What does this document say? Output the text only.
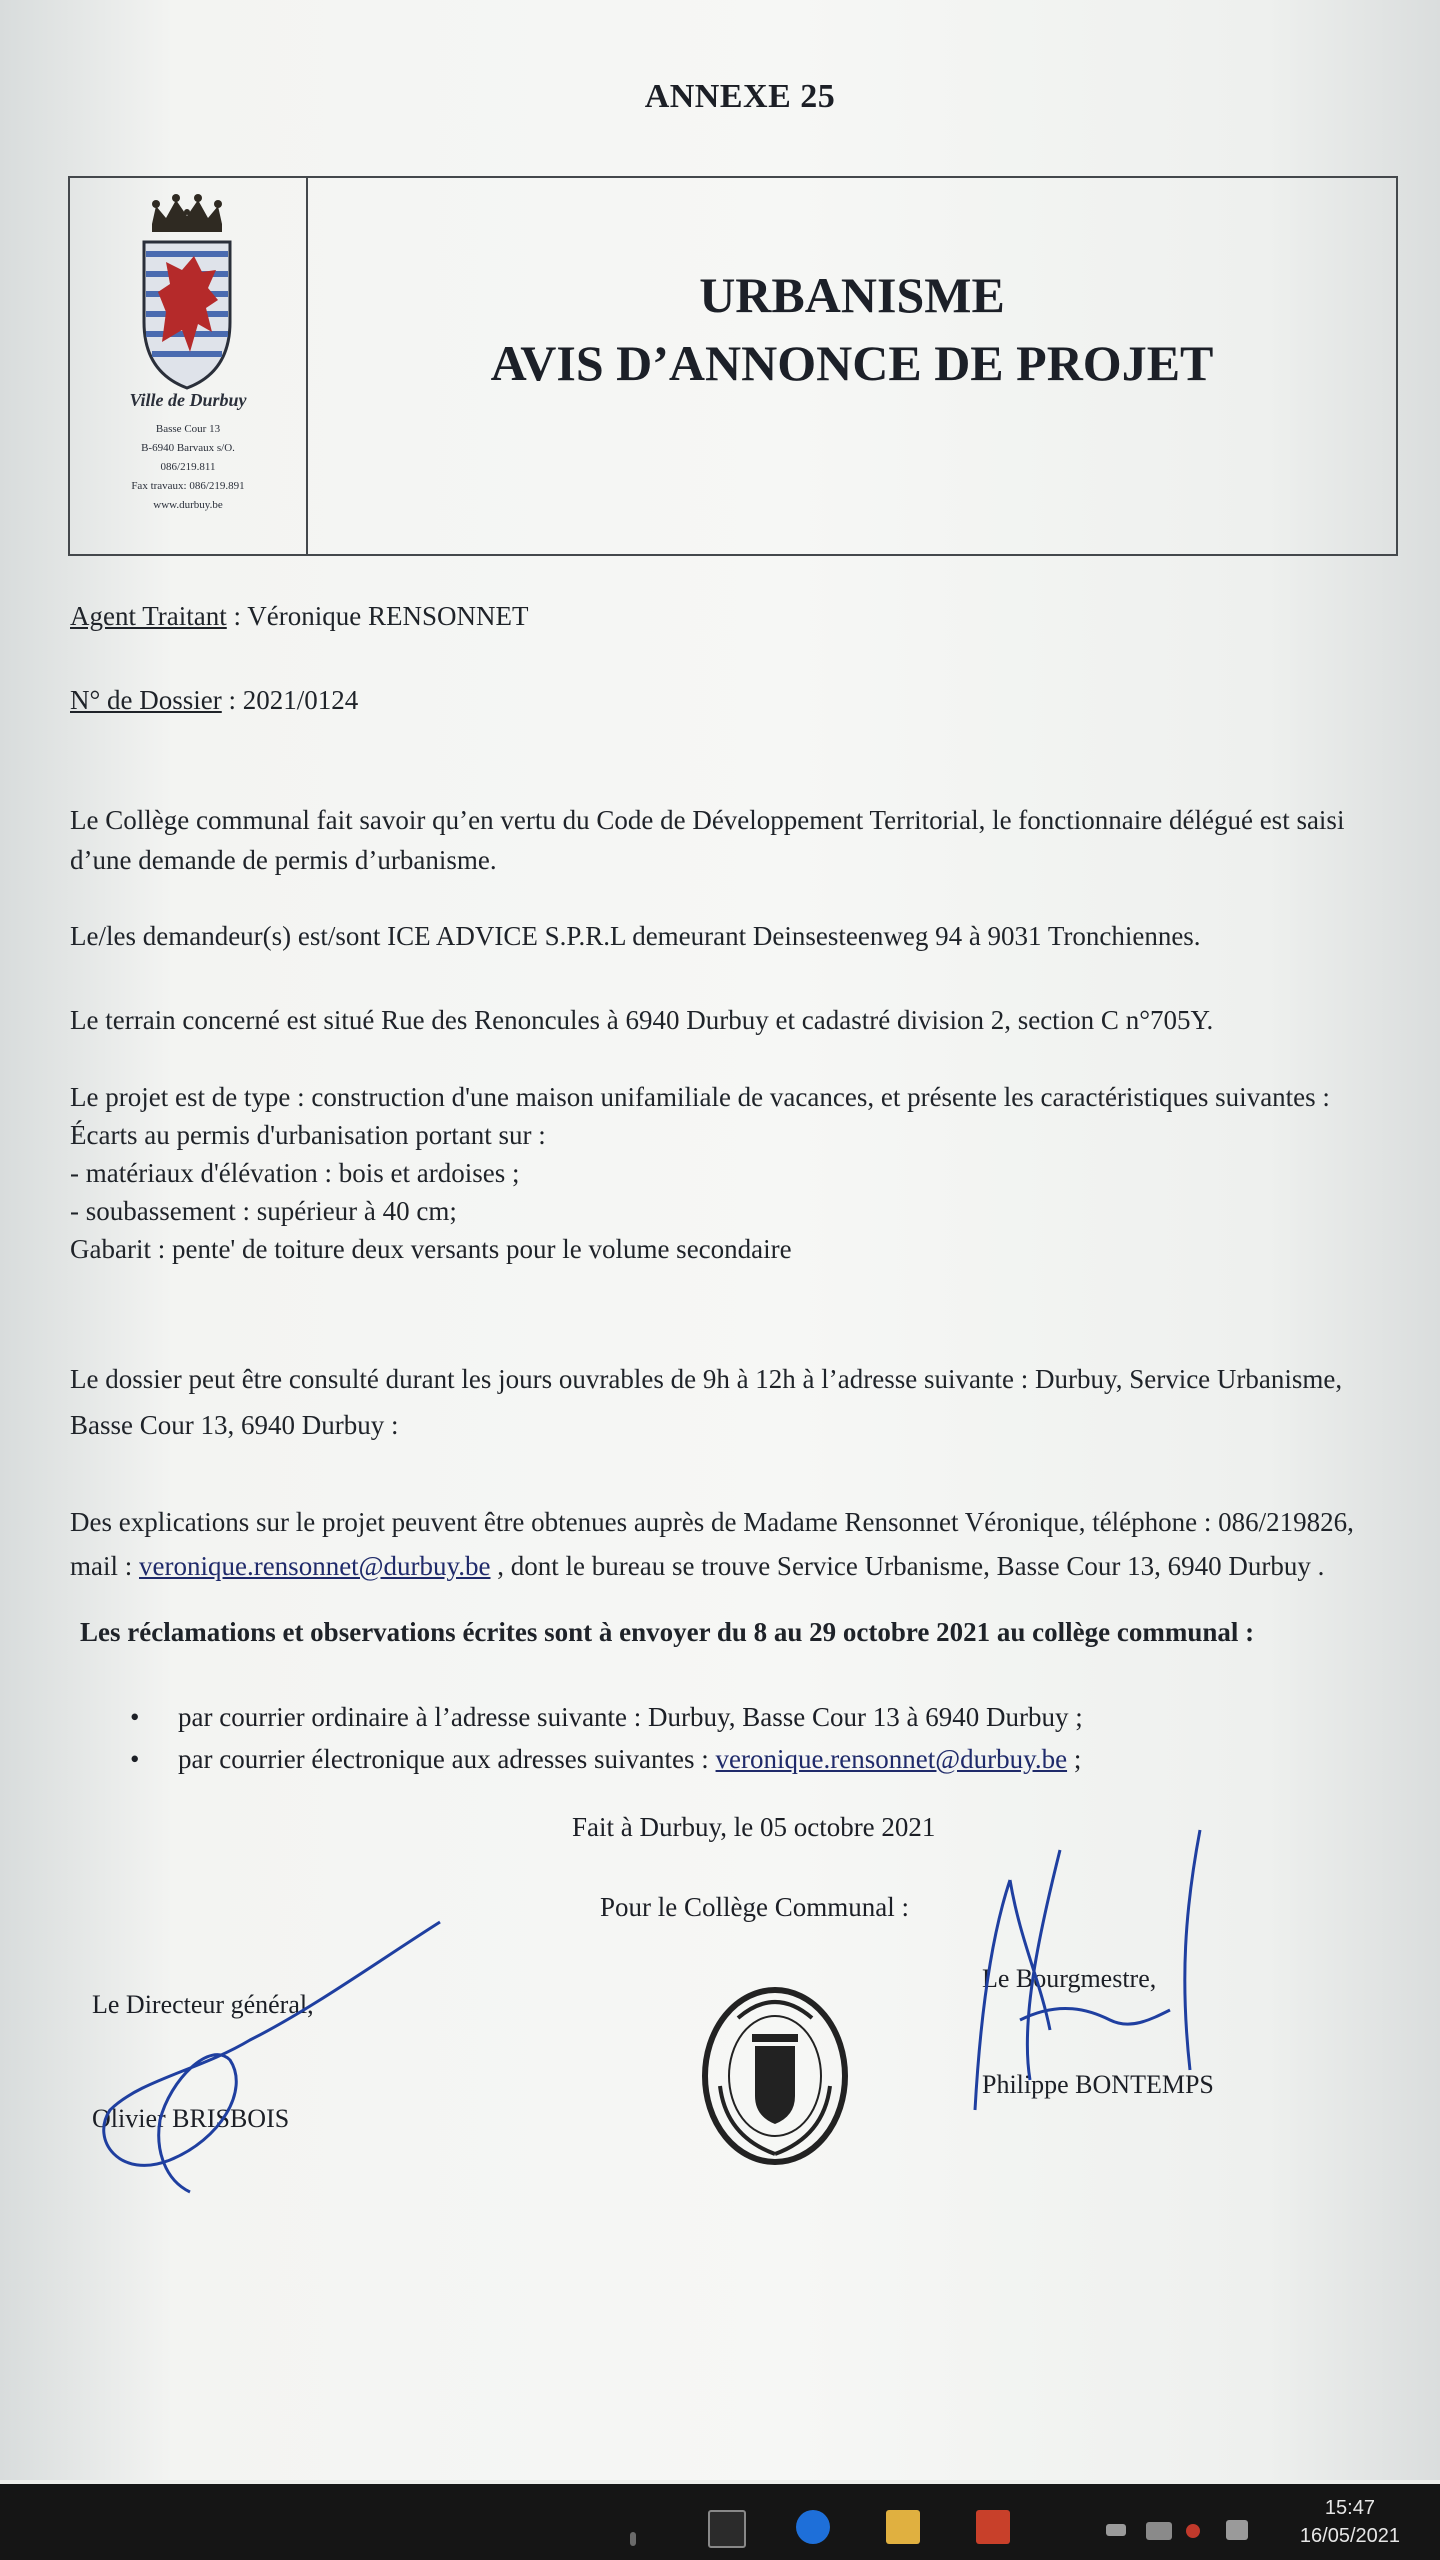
ANNEXE 25
Ville de Durbuy
Basse Cour 13
B-6940 Barvaux s/O.
086/219.811
Fax travaux: 086/219.891
www.durbuy.be
URBANISME
AVIS D’ANNONCE DE PROJET
Agent Traitant : Véronique RENSONNET
N° de Dossier : 2021/0124
Le Collège communal fait savoir qu’en vertu du Code de Développement Territorial, le fonctionnaire délégué est saisi
d’une demande de permis d’urbanisme.
Le/les demandeur(s) est/sont ICE ADVICE S.P.R.L demeurant Deinsesteenweg 94 à 9031 Tronchiennes.
Le terrain concerné est situé Rue des Renoncules à 6940 Durbuy et cadastré division 2, section C n°705Y.
Le projet est de type : construction d'une maison unifamiliale de vacances, et présente les caractéristiques suivantes :
Écarts au permis d'urbanisation portant sur :
- matériaux d'élévation : bois et ardoises ;
- soubassement : supérieur à 40 cm;
Gabarit : pente' de toiture deux versants pour le volume secondaire
Le dossier peut être consulté durant les jours ouvrables de 9h à 12h à l’adresse suivante : Durbuy, Service Urbanisme,
Basse Cour 13, 6940 Durbuy :
Des explications sur le projet peuvent être obtenues auprès de Madame Rensonnet Véronique, téléphone : 086/219826,
mail : veronique.rensonnet@durbuy.be , dont le bureau se trouve Service Urbanisme, Basse Cour 13, 6940 Durbuy .
Les réclamations et observations écrites sont à envoyer du 8 au 29 octobre 2021 au collège communal :
• par courrier ordinaire à l’adresse suivante : Durbuy, Basse Cour 13 à 6940 Durbuy ;
• par courrier électronique aux adresses suivantes : veronique.rensonnet@durbuy.be ;
Fait à Durbuy, le 05 octobre 2021
Pour le Collège Communal :
Le Directeur général,
Olivier BRISBOIS
Le Bourgmestre,
Philippe BONTEMPS
15:47
16/05/2021
